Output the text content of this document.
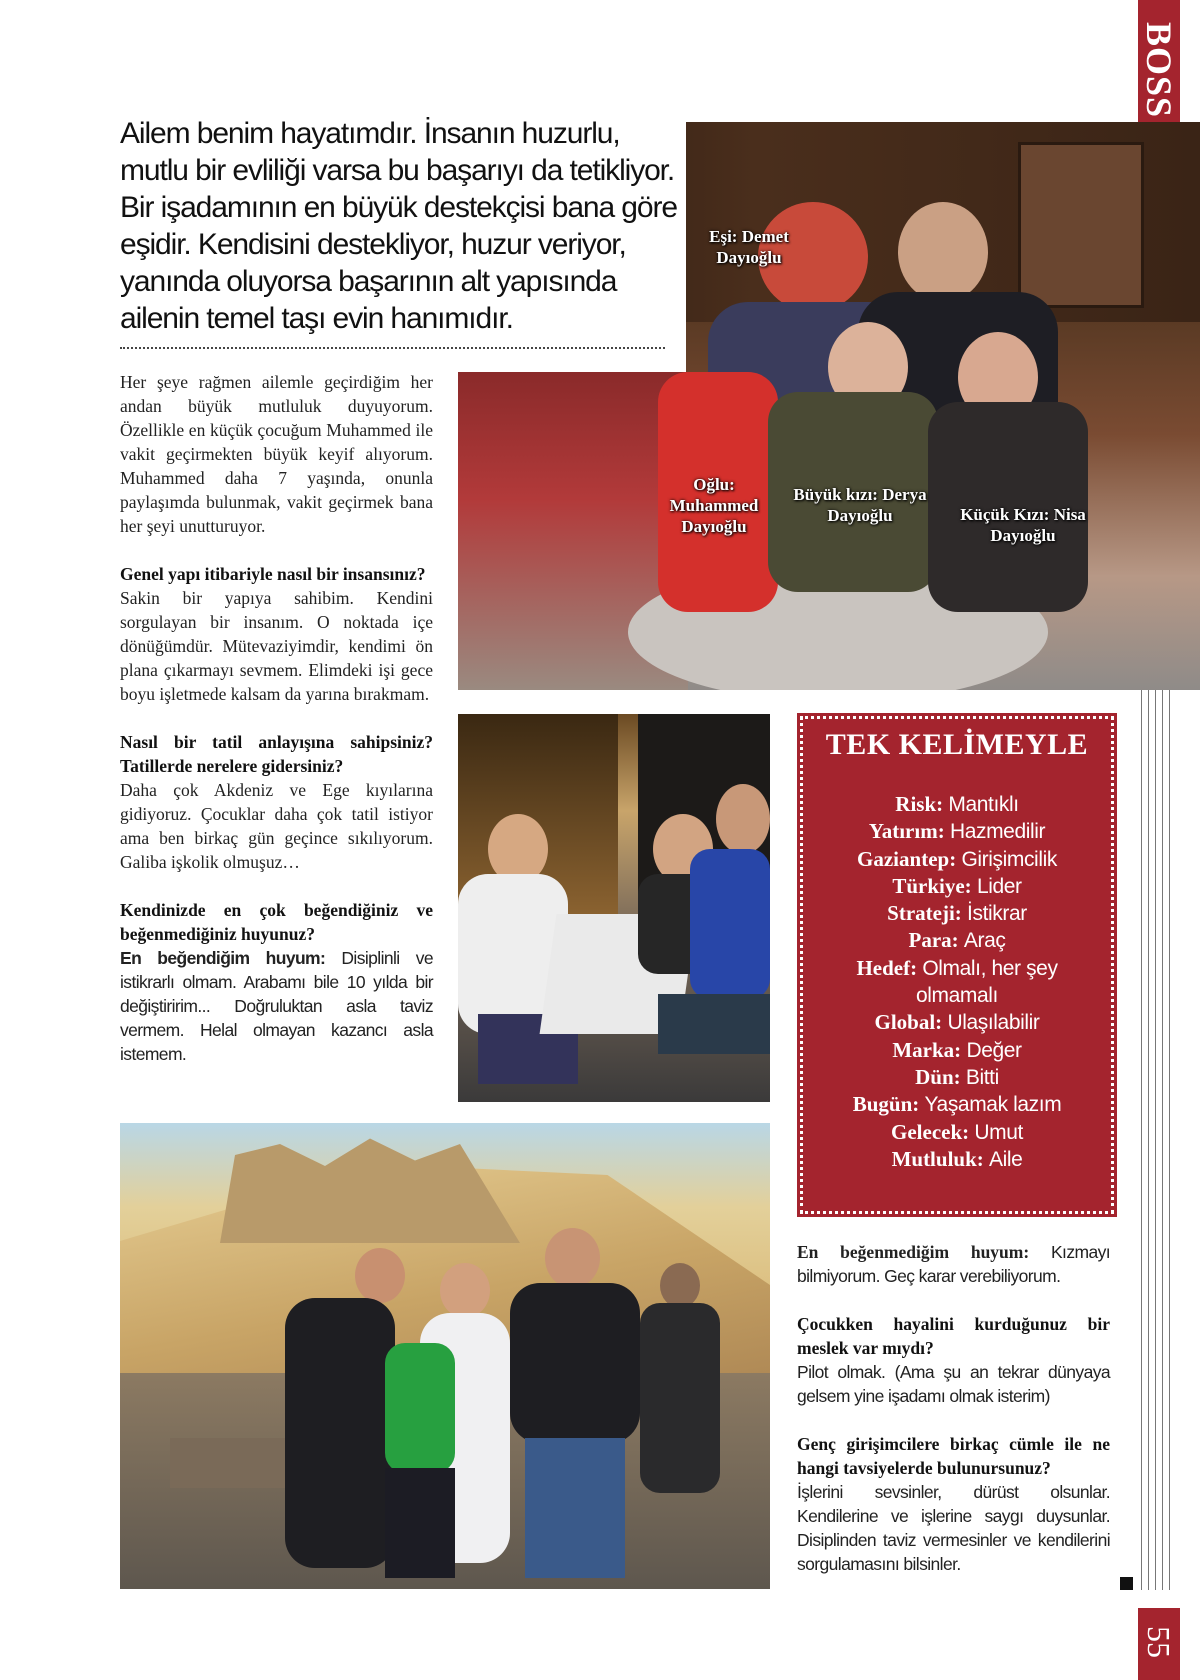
BOSS
55
Eşi: Demet Dayıoğlu
Oğlu: Muhammed Dayıoğlu
Büyük kızı: Derya Dayıoğlu	Küçük Kızı: Nisa Dayıoğlu
Ailem benim hayatımdır. İnsanın huzurlu, mutlu bir evliliği varsa bu başarıyı da tetikliyor. Bir işadamının en büyük destekçisi bana göre eşidir. Kendisini destekliyor, huzur veriyor, yanında oluyorsa başarının alt yapısında ailenin temel taşı evin hanımıdır.

Her şeye rağmen ailemle geçirdiğim her andan büyük mutluluk duyuyorum. Özellikle en küçük çocuğum Muhammed ile vakit geçirmekten büyük keyif alıyorum. Muhammed daha 7 yaşında, onunla paylaşımda bulunmak, vakit geçirmek bana her şeyi unutturuyor.

Genel yapı itibariyle nasıl bir insansınız?
Sakin bir yapıya sahibim. Kendini sorgulayan bir insanım. O noktada içe dönüğümdür. Mütevaziyimdir, kendimi ön plana çıkarmayı sevmem. Elimdeki işi gece boyu işletmede kalsam da yarına bırakmam.

Nasıl bir tatil anlayışına sahipsiniz? Tatillerde nerelere gidersiniz?
Daha çok Akdeniz ve Ege kıyılarına gidiyoruz. Çocuklar daha çok tatil istiyor ama ben birkaç gün geçince sıkılıyorum. Galiba işkolik olmuşuz…

Kendinizde en çok beğendiğiniz ve beğenmediğiniz huyunuz?
En beğendiğim huyum: Disiplinli ve istikrarlı olmam. Arabamı bile 10 yılda bir değiştiririm... Doğruluktan asla taviz vermem. Helal olmayan kazancı asla istemem.

TEK KELİMEYLE
Risk: Mantıklı
Yatırım: Hazmedilir
Gaziantep: Girişimcilik
Türkiye: Lider
Strateji: İstikrar
Para: Araç
Hedef: Olmalı, her şey olmamalı
Global: Ulaşılabilir
Marka: Değer
Dün: Bitti
Bugün: Yaşamak lazım
Gelecek: Umut
Mutluluk: Aile

En beğenmediğim huyum: Kızmayı bilmiyorum. Geç karar verebiliyorum.

Çocukken hayalini kurduğunuz bir meslek var mıydı?
Pilot olmak. (Ama şu an tekrar dünyaya gelsem yine işadamı olmak isterim)

Genç girişimcilere birkaç cümle ile ne hangi tavsiyelerde bulunursunuz?
İşlerini sevsinler, dürüst olsunlar. Kendilerine ve işlerine saygı duysunlar. Disiplinden taviz vermesinler ve kendilerini sorgulamasını bilsinler.
